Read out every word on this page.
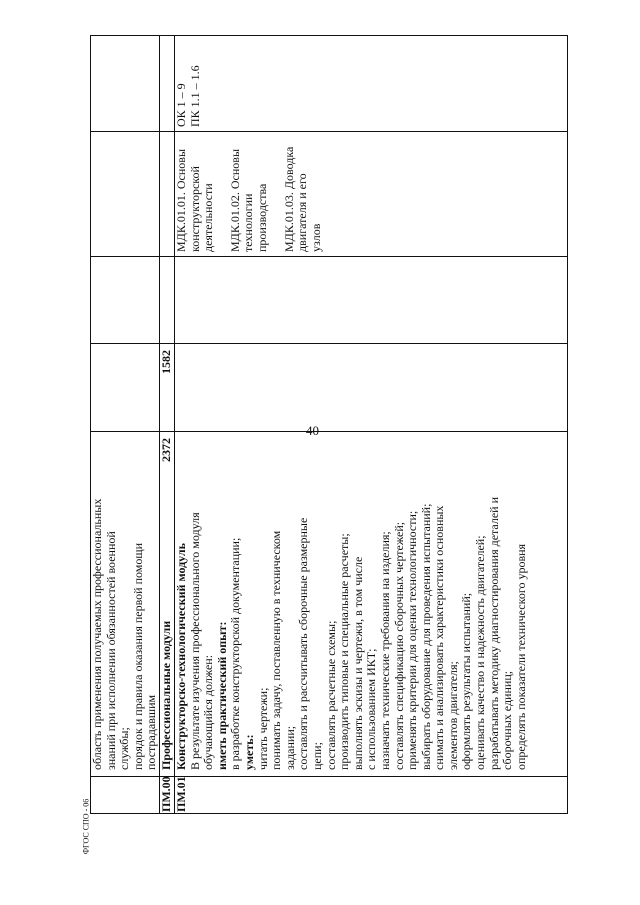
40
ФГОС СПО - 06
область применения получаемых профессиональных знаний при исполнении обязанностей военной службы; порядок и правила оказания первой помощи пострадавшим
ПМ.00
Профессиональные модули
2372
1582
ПМ.01
Конструкторско-технологический модуль В результате изучения профессионального модуля обучающийся должен: иметь практический опыт: в разработке конструкторской документации; уметь: читать чертежи; понимать задачу, поставленную в техническом задании; составлять и рассчитывать сборочные размерные цепи; составлять расчетные схемы; производить типовые и специальные расчеты; выполнять эскизы и чертежи, в том числе с использованием ИКТ; назначать технические требования на изделия; составлять спецификацию сборочных чертежей; применять критерии для оценки технологичности; выбирать оборудование для проведения испытаний; снимать и анализировать характеристики основных элементов двигателя; оформлять результаты испытаний; оценивать качество и надежность двигателей; разрабатывать методику диагностирования деталей и сборочных единиц; определять показатели технического уровня
МДК.01.01. Основы конструкторской деятельности МДК.01.02. Основы технологии производства МДК.01.03. Доводка двигателя и его узлов
ОК 1 – 9 ПК 1.1 – 1.6
